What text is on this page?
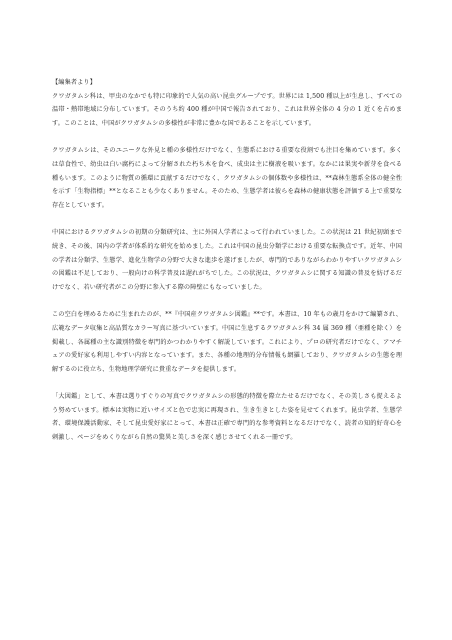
【編集者より】

クワガタムシ科は、甲虫のなかでも特に印象的で人気の高い昆虫グループです。世界には 1,500 種以上が生息し、すべての温帯・熱帯地域に分布しています。そのうち約 400 種が中国で報告されており、これは世界全体の 4 分の 1 近くを占めます。このことは、中国がクワガタムシの多様性が非常に豊かな国であることを示しています。

クワガタムシは、そのユニークな外見と種の多様性だけでなく、生態系における重要な役割でも注目を集めています。多くは草食性で、幼虫は白い腐朽によって分解された朽ち木を食べ、成虫は主に樹液を吸います。なかには果実や新芽を食べる種もいます。このように物質の循環に貢献するだけでなく、クワガタムシの個体数や多様性は、**森林生態系全体の健全性を示す「生物指標」**となることも少なくありません。そのため、生態学者は彼らを森林の健康状態を評価する上で重要な存在としています。

中国におけるクワガタムシの初期の分類研究は、主に外国人学者によって行われていました。この状況は 21 世紀初頭まで続き、その後、国内の学者が体系的な研究を始めました。これは中国の昆虫分類学における重要な転換点です。近年、中国の学者は分類学、生態学、進化生物学の分野で大きな進歩を遂げましたが、専門的でありながらわかりやすいクワガタムシの図鑑は不足しており、一般向けの科学普及は遅れがちでした。この状況は、クワガタムシに関する知識の普及を妨げるだけでなく、若い研究者がこの分野に参入する際の障壁にもなっていました。

この空白を埋めるために生まれたのが、**『中国産クワガタムシ図鑑』**です。本書は、10 年もの歳月をかけて編纂され、広範なデータ収集と高品質なカラー写真に基づいています。中国に生息するクワガタムシ科 34 属 369 種（亜種を除く）を掲載し、各属種の主な識別特徴を専門的かつわかりやすく解説しています。これにより、プロの研究者だけでなく、アマチュアの愛好家も利用しやすい内容となっています。また、各種の地理的分布情報も網羅しており、クワガタムシの生態を理解するのに役立ち、生物地理学研究に貴重なデータを提供します。

「大図鑑」として、本書は選りすぐりの写真でクワガタムシの形態的特徴を際立たせるだけでなく、その美しさも捉えるよう努めています。標本は実物に近いサイズと色で忠実に再現され、生き生きとした姿を見せてくれます。昆虫学者、生態学者、環境保護活動家、そして昆虫愛好家にとって、本書は正確で専門的な参考資料となるだけでなく、読者の知的好奇心を刺激し、ページをめくりながら自然の驚異と美しさを深く感じさせてくれる一冊です。
